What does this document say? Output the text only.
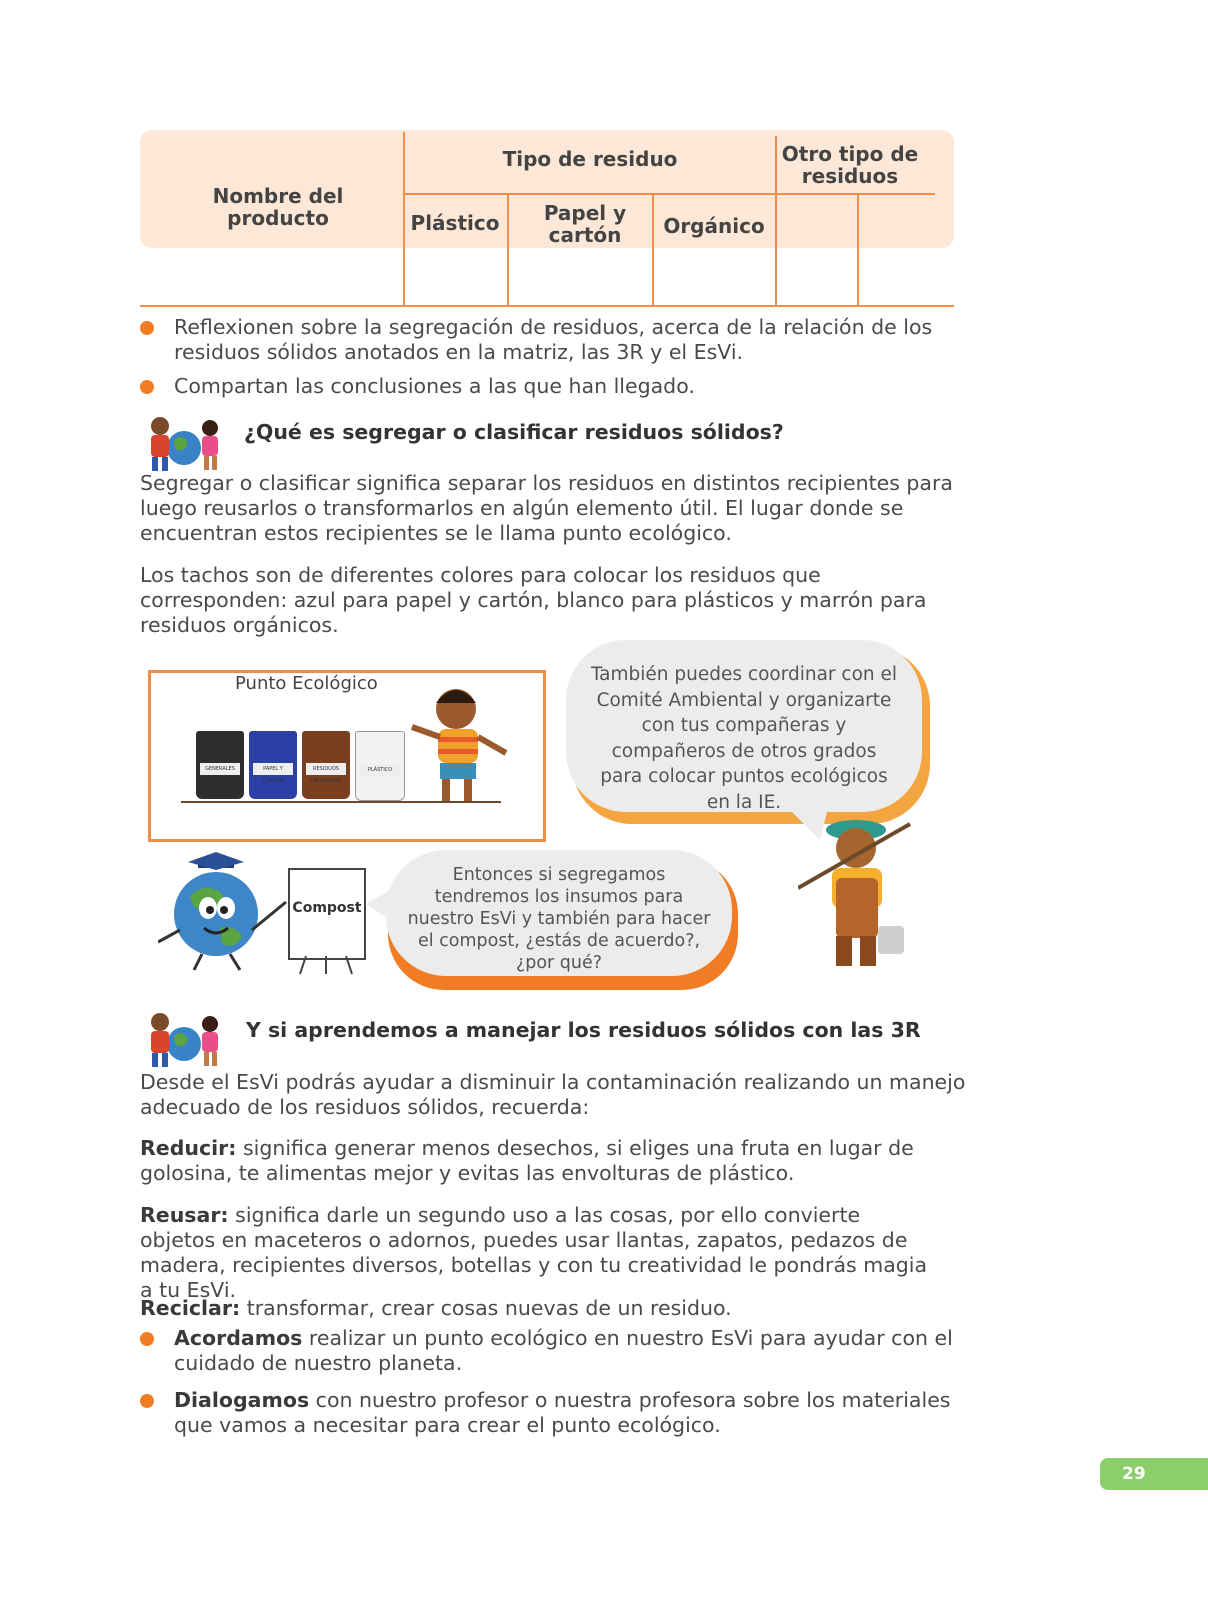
Nombre del producto
Tipo de residuo	Otro tipo de residuos
Plástico	Papel y cartón	Orgánico
Reflexionen sobre la segregación de residuos, acerca de la relación de los residuos sólidos anotados en la matriz, las 3R y el EsVi.
Compartan las conclusiones a las que han llegado.
¿Qué es segregar o clasificar residuos sólidos?
Segregar o clasificar significa separar los residuos en distintos recipientes para luego reusarlos o transformarlos en algún elemento útil. El lugar donde se encuentran estos recipientes se le llama punto ecológico.
Los tachos son de diferentes colores para colocar los residuos que corresponden: azul para papel y cartón, blanco para plásticos y marrón para residuos orgánicos.
Punto Ecológico
GENERALES	PAPEL Y CARTÓN
RESIDUOS ORGÁNICOS
PLÁSTICO
También puedes coordinar con el Comité Ambiental y organizarte con tus compañeras y compañeros de otros grados para colocar puntos ecológicos en la IE.
Compost
Entonces si segregamos tendremos los insumos para nuestro EsVi y también para hacer el compost, ¿estás de acuerdo?, ¿por qué?
Y si aprendemos a manejar los residuos sólidos con las 3R
Desde el EsVi podrás ayudar a disminuir la contaminación realizando un manejo adecuado de los residuos sólidos, recuerda:
Reducir: significa generar menos desechos, si eliges una fruta en lugar de golosina, te alimentas mejor y evitas las envolturas de plástico.
Reusar: significa darle un segundo uso a las cosas, por ello convierte objetos en maceteros o adornos, puedes usar llantas, zapatos, pedazos de madera, recipientes diversos, botellas y con tu creatividad le pondrás magia a tu EsVi.
Reciclar: transformar, crear cosas nuevas de un residuo.
Acordamos realizar un punto ecológico en nuestro EsVi para ayudar con el cuidado de nuestro planeta.
Dialogamos con nuestro profesor o nuestra profesora sobre los materiales que vamos a necesitar para crear el punto ecológico.
29
